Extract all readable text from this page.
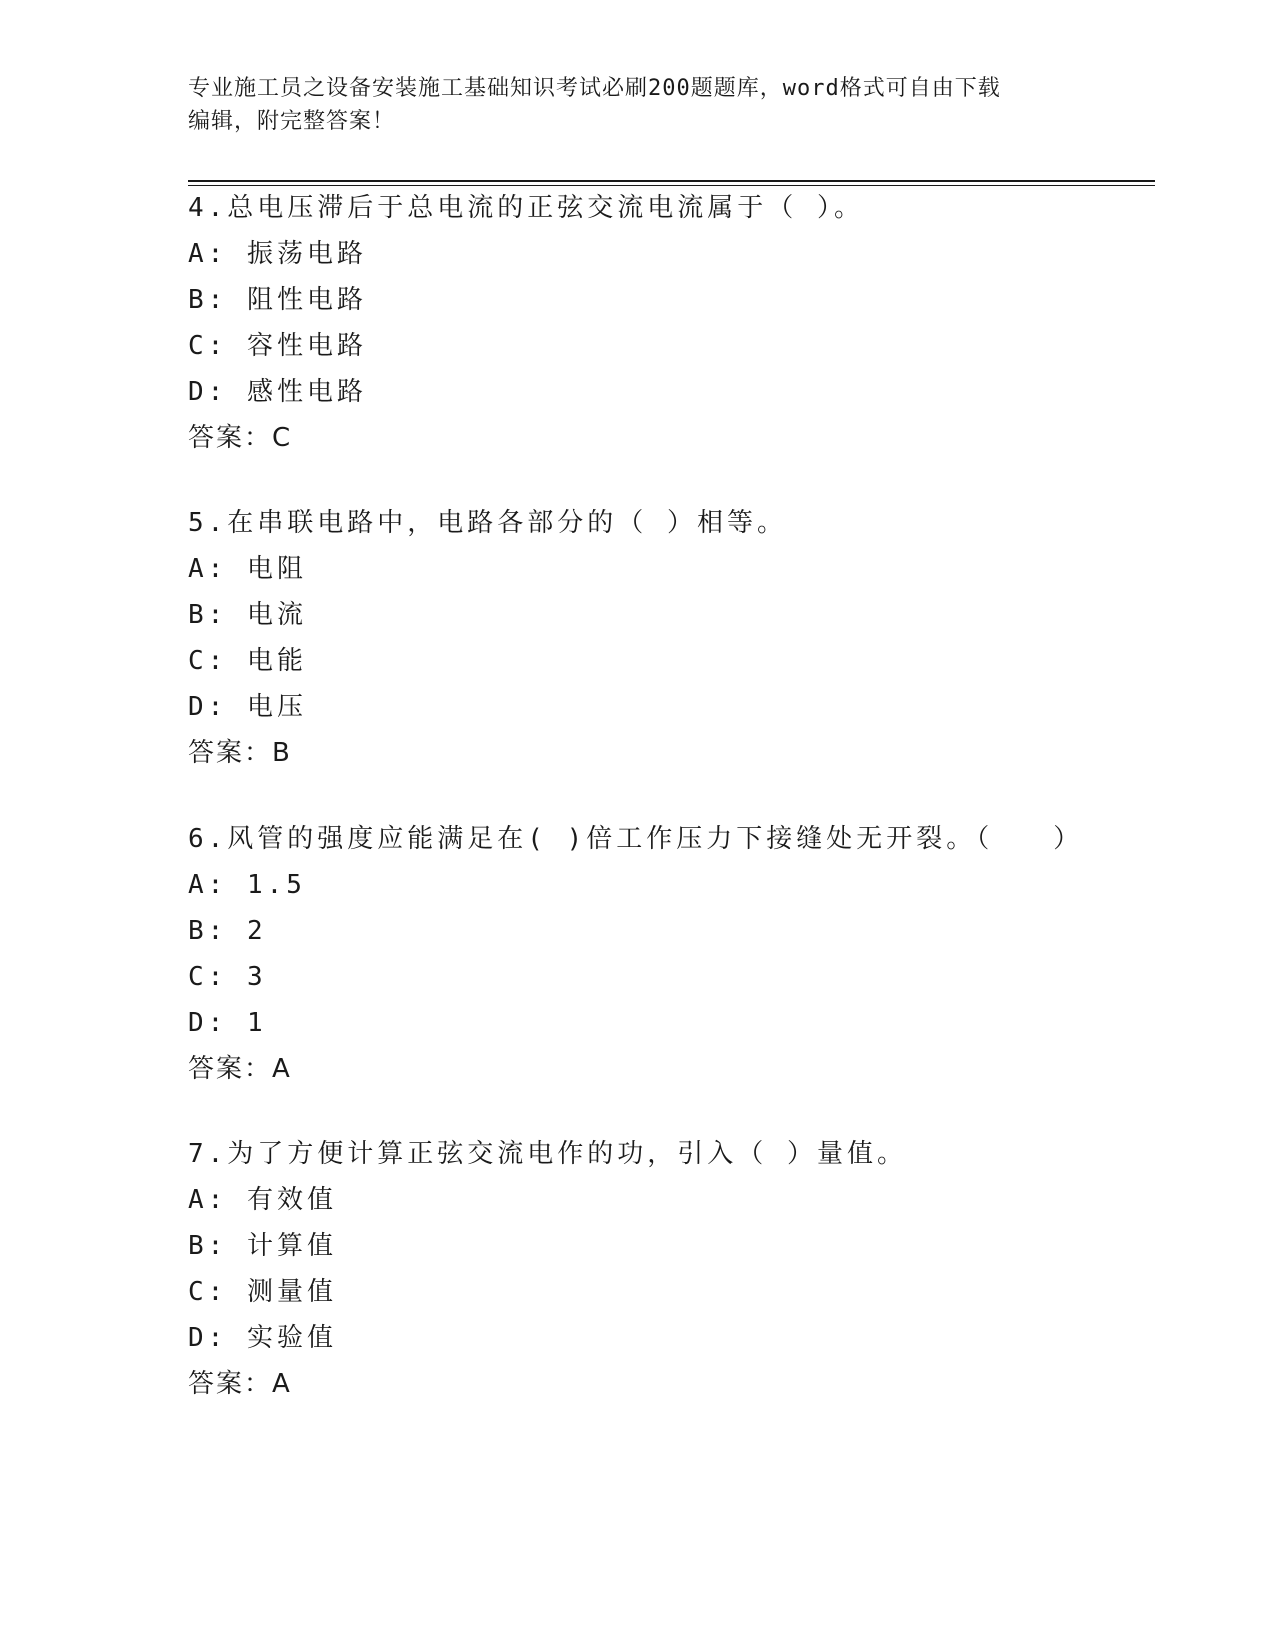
专业施工员之设备安装施工基础知识考试必刷200题题库，word格式可自由下载
编辑，附完整答案！
4.总电压滞后于总电流的正弦交流电流属于（ ）。
A: 振荡电路
B: 阻性电路
C: 容性电路
D: 感性电路
答案：C
5.在串联电路中，电路各部分的（ ）相等。
A: 电阻
B: 电流
C: 电能
D: 电压
答案：B
6.风管的强度应能满足在( )倍工作压力下接缝处无开裂。（　　）
A: 1.5
B: 2
C: 3
D: 1
答案：A
7.为了方便计算正弦交流电作的功，引入（ ）量值。
A: 有效值
B: 计算值
C: 测量值
D: 实验值
答案：A
